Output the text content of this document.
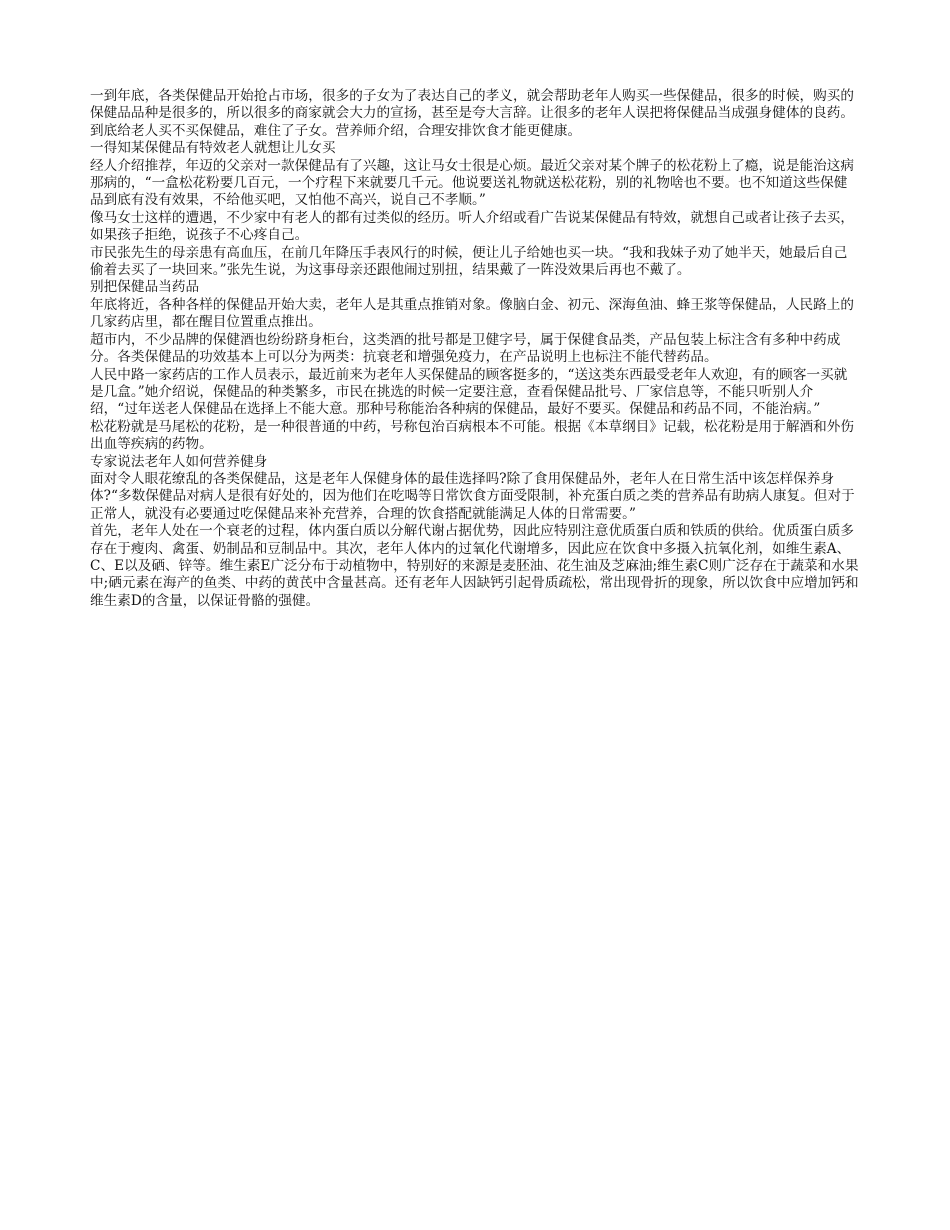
一到年底，各类保健品开始抢占市场，很多的子女为了表达自己的孝义，就会帮助老年人购买一些保健品，很多的时候，购买的保健品品种是很多的，所以很多的商家就会大力的宣扬，甚至是夸大言辞。让很多的老年人误把将保健品当成强身健体的良药。到底给老人买不买保健品，难住了子女。营养师介绍，合理安排饮食才能更健康。

一得知某保健品有特效老人就想让儿女买

经人介绍推荐，年迈的父亲对一款保健品有了兴趣，这让马女士很是心烦。最近父亲对某个牌子的松花粉上了瘾，说是能治这病那病的，“一盒松花粉要几百元，一个疗程下来就要几千元。他说要送礼物就送松花粉，别的礼物啥也不要。也不知道这些保健品到底有没有效果，不给他买吧，又怕他不高兴，说自己不孝顺。”

像马女士这样的遭遇，不少家中有老人的都有过类似的经历。听人介绍或看广告说某保健品有特效，就想自己或者让孩子去买，如果孩子拒绝，说孩子不心疼自己。

市民张先生的母亲患有高血压，在前几年降压手表风行的时候，便让儿子给她也买一块。“我和我妹子劝了她半天，她最后自己偷着去买了一块回来。”张先生说，为这事母亲还跟他闹过别扭，结果戴了一阵没效果后再也不戴了。

别把保健品当药品

年底将近，各种各样的保健品开始大卖，老年人是其重点推销对象。像脑白金、初元、深海鱼油、蜂王浆等保健品，人民路上的几家药店里，都在醒目位置重点推出。

超市内，不少品牌的保健酒也纷纷跻身柜台，这类酒的批号都是卫健字号，属于保健食品类，产品包装上标注含有多种中药成分。各类保健品的功效基本上可以分为两类：抗衰老和增强免疫力，在产品说明上也标注不能代替药品。

人民中路一家药店的工作人员表示，最近前来为老年人买保健品的顾客挺多的，“送这类东西最受老年人欢迎，有的顾客一买就是几盒。”她介绍说，保健品的种类繁多，市民在挑选的时候一定要注意，查看保健品批号、厂家信息等，不能只听别人介绍，“过年送老人保健品在选择上不能大意。那种号称能治各种病的保健品，最好不要买。保健品和药品不同，不能治病。”

松花粉就是马尾松的花粉，是一种很普通的中药，号称包治百病根本不可能。根据《本草纲目》记载，松花粉是用于解酒和外伤出血等疾病的药物。

专家说法老年人如何营养健身

面对令人眼花缭乱的各类保健品，这是老年人保健身体的最佳选择吗?除了食用保健品外，老年人在日常生活中该怎样保养身体?“多数保健品对病人是很有好处的，因为他们在吃喝等日常饮食方面受限制，补充蛋白质之类的营养品有助病人康复。但对于正常人，就没有必要通过吃保健品来补充营养，合理的饮食搭配就能满足人体的日常需要。”

首先，老年人处在一个衰老的过程，体内蛋白质以分解代谢占据优势，因此应特别注意优质蛋白质和铁质的供给。优质蛋白质多存在于瘦肉、禽蛋、奶制品和豆制品中。其次，老年人体内的过氧化代谢增多，因此应在饮食中多摄入抗氧化剂，如维生素A、C、E以及硒、锌等。维生素E广泛分布于动植物中，特别好的来源是麦胚油、花生油及芝麻油;维生素C则广泛存在于蔬菜和水果中;硒元素在海产的鱼类、中药的黄芪中含量甚高。还有老年人因缺钙引起骨质疏松，常出现骨折的现象，所以饮食中应增加钙和维生素D的含量，以保证骨骼的强健。
